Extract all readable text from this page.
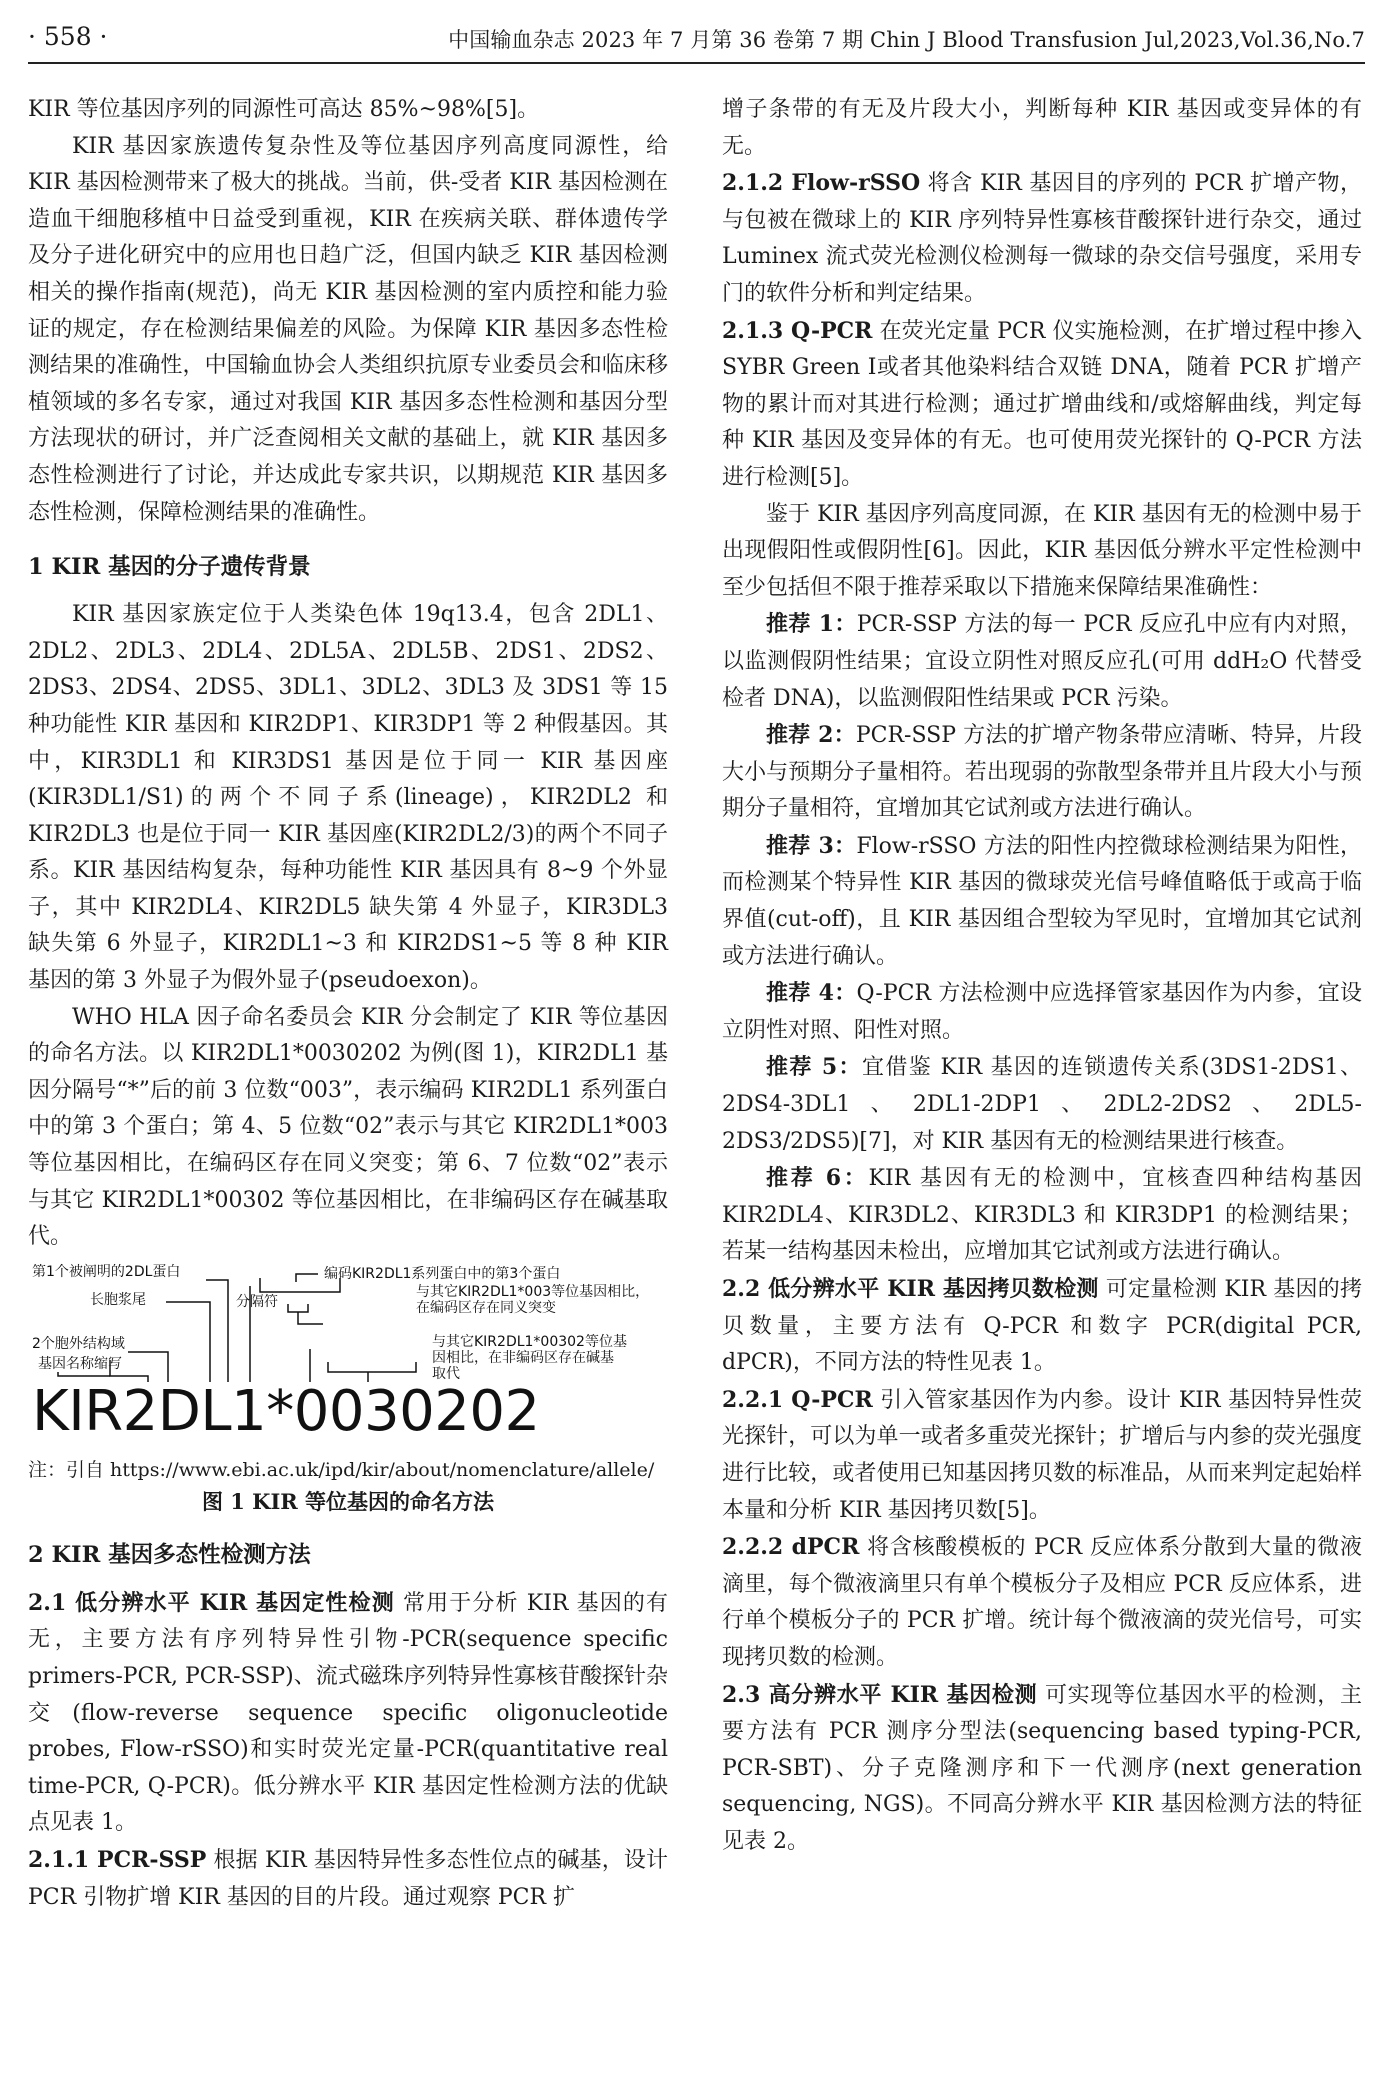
· 558 ·	中国输血杂志 2023 年 7 月第 36 卷第 7 期 Chin J Blood Transfusion Jul,2023,Vol.36,No.7

KIR 等位基因序列的同源性可高达 85%~98%[5]。

KIR 基因家族遗传复杂性及等位基因序列高度同源性，给 KIR 基因检测带来了极大的挑战。当前，供-受者 KIR 基因检测在造血干细胞移植中日益受到重视，KIR 在疾病关联、群体遗传学及分子进化研究中的应用也日趋广泛，但国内缺乏 KIR 基因检测相关的操作指南(规范)，尚无 KIR 基因检测的室内质控和能力验证的规定，存在检测结果偏差的风险。为保障 KIR 基因多态性检测结果的准确性，中国输血协会人类组织抗原专业委员会和临床移植领域的多名专家，通过对我国 KIR 基因多态性检测和基因分型方法现状的研讨，并广泛查阅相关文献的基础上，就 KIR 基因多态性检测进行了讨论，并达成此专家共识，以期规范 KIR 基因多态性检测，保障检测结果的准确性。

1 KIR 基因的分子遗传背景

KIR 基因家族定位于人类染色体 19q13.4，包含 2DL1、2DL2、2DL3、2DL4、2DL5A、2DL5B、2DS1、2DS2、2DS3、2DS4、2DS5、3DL1、3DL2、3DL3 及 3DS1 等 15 种功能性 KIR 基因和 KIR2DP1、KIR3DP1 等 2 种假基因。其中，KIR3DL1 和 KIR3DS1 基因是位于同一 KIR 基因座(KIR3DL1/S1)的两个不同子系(lineage)，KIR2DL2 和 KIR2DL3 也是位于同一 KIR 基因座(KIR2DL2/3)的两个不同子系。KIR 基因结构复杂，每种功能性 KIR 基因具有 8~9 个外显子，其中 KIR2DL4、KIR2DL5 缺失第 4 外显子，KIR3DL3 缺失第 6 外显子，KIR2DL1~3 和 KIR2DS1~5 等 8 种 KIR 基因的第 3 外显子为假外显子(pseudoexon)。

WHO HLA 因子命名委员会 KIR 分会制定了 KIR 等位基因的命名方法。以 KIR2DL1*0030202 为例(图 1)，KIR2DL1 基因分隔号“*”后的前 3 位数“003”，表示编码 KIR2DL1 系列蛋白中的第 3 个蛋白；第 4、5 位数“02”表示与其它 KIR2DL1*003 等位基因相比，在编码区存在同义突变；第 6、7 位数“02”表示与其它 KIR2DL1*00302 等位基因相比，在非编码区存在碱基取代。

第1个被阐明的2DL蛋白
长胞浆尾	分隔符
编码KIR2DL1系列蛋白中的第3个蛋白
与其它KIR2DL1*003等位基因相比，
在编码区存在同义突变
2个胞外结构域
基因名称缩写
与其它KIR2DL1*00302等位基
因相比，在非编码区存在碱基
取代
KIR2DL1*0030202
注：引自 https://www.ebi.ac.uk/ipd/kir/about/nomenclature/allele/
图 1 KIR 等位基因的命名方法
2 KIR 基因多态性检测方法

2.1 低分辨水平 KIR 基因定性检测 常用于分析 KIR 基因的有无，主要方法有序列特异性引物-PCR(sequence specific primers-PCR, PCR-SSP)、流式磁珠序列特异性寡核苷酸探针杂交(flow-reverse sequence specific oligonucleotide probes, Flow-rSSO)和实时荧光定量-PCR(quantitative real time-PCR, Q-PCR)。低分辨水平 KIR 基因定性检测方法的优缺点见表 1。

2.1.1 PCR-SSP 根据 KIR 基因特异性多态性位点的碱基，设计 PCR 引物扩增 KIR 基因的目的片段。通过观察 PCR 扩

增子条带的有无及片段大小，判断每种 KIR 基因或变异体的有无。

2.1.2 Flow-rSSO 将含 KIR 基因目的序列的 PCR 扩增产物，与包被在微球上的 KIR 序列特异性寡核苷酸探针进行杂交，通过 Luminex 流式荧光检测仪检测每一微球的杂交信号强度，采用专门的软件分析和判定结果。

2.1.3 Q-PCR 在荧光定量 PCR 仪实施检测，在扩增过程中掺入 SYBR Green Ⅰ或者其他染料结合双链 DNA，随着 PCR 扩增产物的累计而对其进行检测；通过扩增曲线和/或熔解曲线，判定每种 KIR 基因及变异体的有无。也可使用荧光探针的 Q-PCR 方法进行检测[5]。

鉴于 KIR 基因序列高度同源，在 KIR 基因有无的检测中易于出现假阳性或假阴性[6]。因此，KIR 基因低分辨水平定性检测中至少包括但不限于推荐采取以下措施来保障结果准确性：

推荐 1：PCR-SSP 方法的每一 PCR 反应孔中应有内对照，以监测假阴性结果；宜设立阴性对照反应孔(可用 ddH₂O 代替受检者 DNA)，以监测假阳性结果或 PCR 污染。

推荐 2：PCR-SSP 方法的扩增产物条带应清晰、特异，片段大小与预期分子量相符。若出现弱的弥散型条带并且片段大小与预期分子量相符，宜增加其它试剂或方法进行确认。

推荐 3：Flow-rSSO 方法的阳性内控微球检测结果为阳性，而检测某个特异性 KIR 基因的微球荧光信号峰值略低于或高于临界值(cut-off)，且 KIR 基因组合型较为罕见时，宜增加其它试剂或方法进行确认。

推荐 4：Q-PCR 方法检测中应选择管家基因作为内参，宜设立阴性对照、阳性对照。

推荐 5：宜借鉴 KIR 基因的连锁遗传关系(3DS1-2DS1、2DS4-3DL1、2DL1-2DP1、2DL2-2DS2、2DL5-2DS3/2DS5)[7]，对 KIR 基因有无的检测结果进行核查。

推荐 6：KIR 基因有无的检测中，宜核查四种结构基因 KIR2DL4、KIR3DL2、KIR3DL3 和 KIR3DP1 的检测结果；若某一结构基因未检出，应增加其它试剂或方法进行确认。

2.2 低分辨水平 KIR 基因拷贝数检测 可定量检测 KIR 基因的拷贝数量，主要方法有 Q-PCR 和数字 PCR(digital PCR, dPCR)，不同方法的特性见表 1。

2.2.1 Q-PCR 引入管家基因作为内参。设计 KIR 基因特异性荧光探针，可以为单一或者多重荧光探针；扩增后与内参的荧光强度进行比较，或者使用已知基因拷贝数的标准品，从而来判定起始样本量和分析 KIR 基因拷贝数[5]。

2.2.2 dPCR 将含核酸模板的 PCR 反应体系分散到大量的微液滴里，每个微液滴里只有单个模板分子及相应 PCR 反应体系，进行单个模板分子的 PCR 扩增。统计每个微液滴的荧光信号，可实现拷贝数的检测。

2.3 高分辨水平 KIR 基因检测 可实现等位基因水平的检测，主要方法有 PCR 测序分型法(sequencing based typing-PCR, PCR-SBT)、分子克隆测序和下一代测序(next generation sequencing, NGS)。不同高分辨水平 KIR 基因检测方法的特征见表 2。
